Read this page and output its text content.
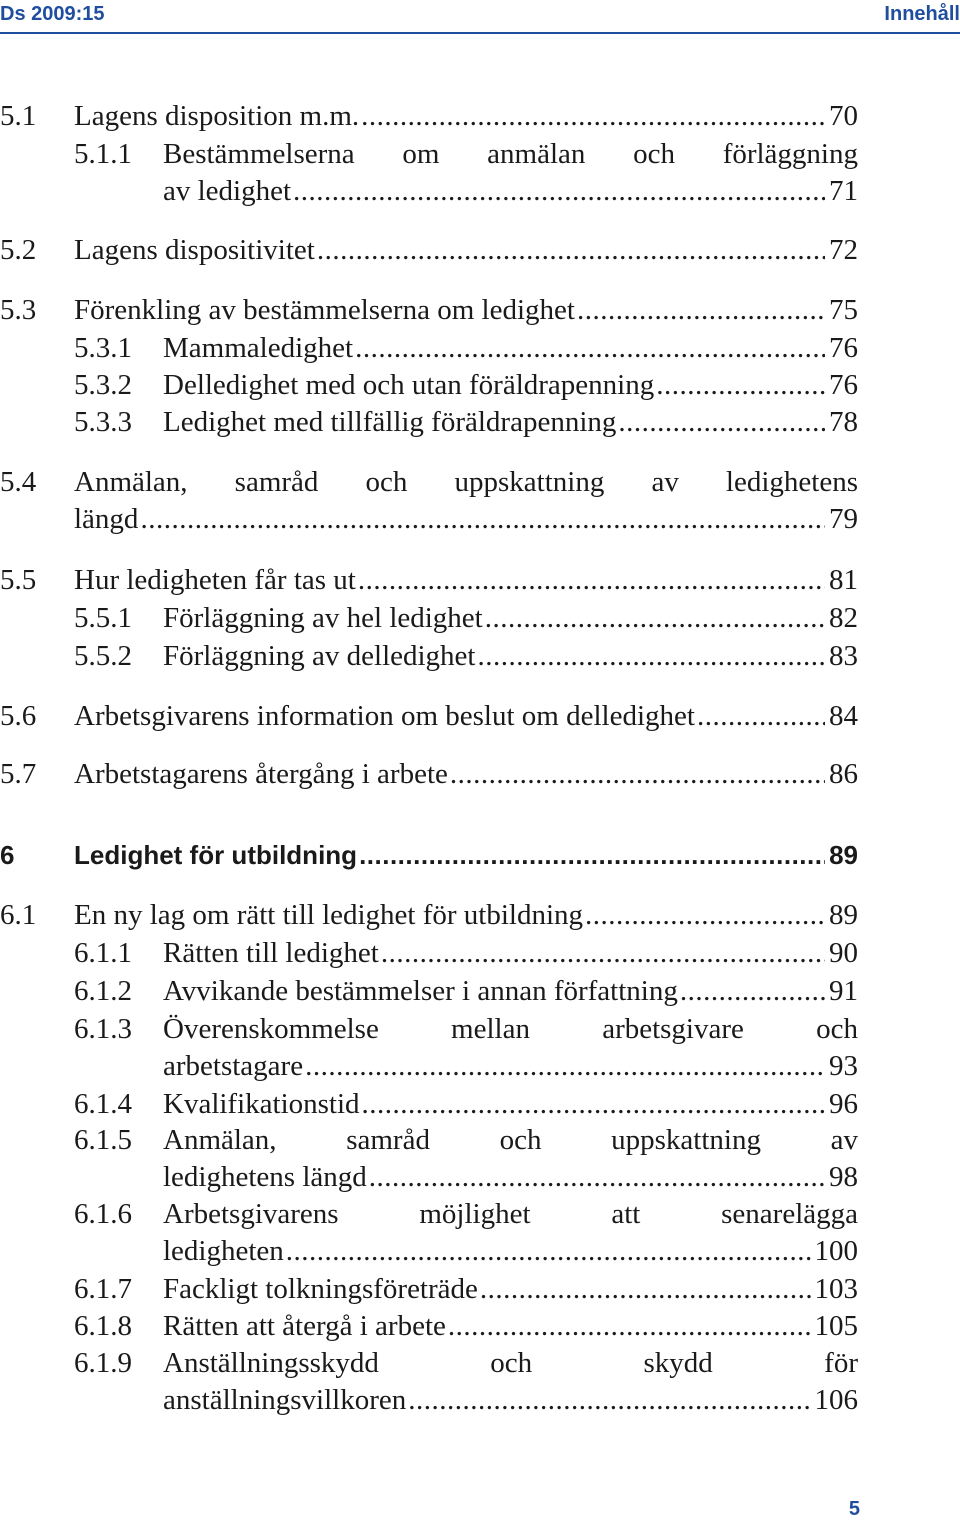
Ds 2009:15	Innehåll
5.1 Lagens disposition m.m. .....	70
5.1.1 Bestämmelserna om anmälan och förläggning
av ledighet .....	71
5.2 Lagens dispositivitet .....	72
5.3 Förenkling av bestämmelserna om ledighet .....	75
5.3.1 Mammaledighet .....	76
5.3.2 Delledighet med och utan föräldrapenning .....	76
5.3.3 Ledighet med tillfällig föräldrapenning .....	78
5.4 Anmälan, samråd och uppskattning av ledighetens
längd .....	79
5.5 Hur ledigheten får tas ut .....	81
5.5.1 Förläggning av hel ledighet .....	82
5.5.2 Förläggning av delledighet .....	83
5.6 Arbetsgivarens information om beslut om delledighet .....	84
5.7 Arbetstagarens återgång i arbete .....	86
6 Ledighet för utbildning .....	89
6.1 En ny lag om rätt till ledighet för utbildning .....	89
6.1.1 Rätten till ledighet .....	90
6.1.2 Avvikande bestämmelser i annan författning .....	91
6.1.3 Överenskommelse mellan arbetsgivare och
arbetstagare .....	93
6.1.4 Kvalifikationstid .....	96
6.1.5 Anmälan, samråd och uppskattning av
ledighetens längd .....	98
6.1.6 Arbetsgivarens möjlighet att senarelägga
ledigheten .....	100
6.1.7 Fackligt tolkningsföreträde .....	103
6.1.8 Rätten att återgå i arbete .....	105
6.1.9 Anställningsskydd och skydd för
anställningsvillkoren .....	106
5
